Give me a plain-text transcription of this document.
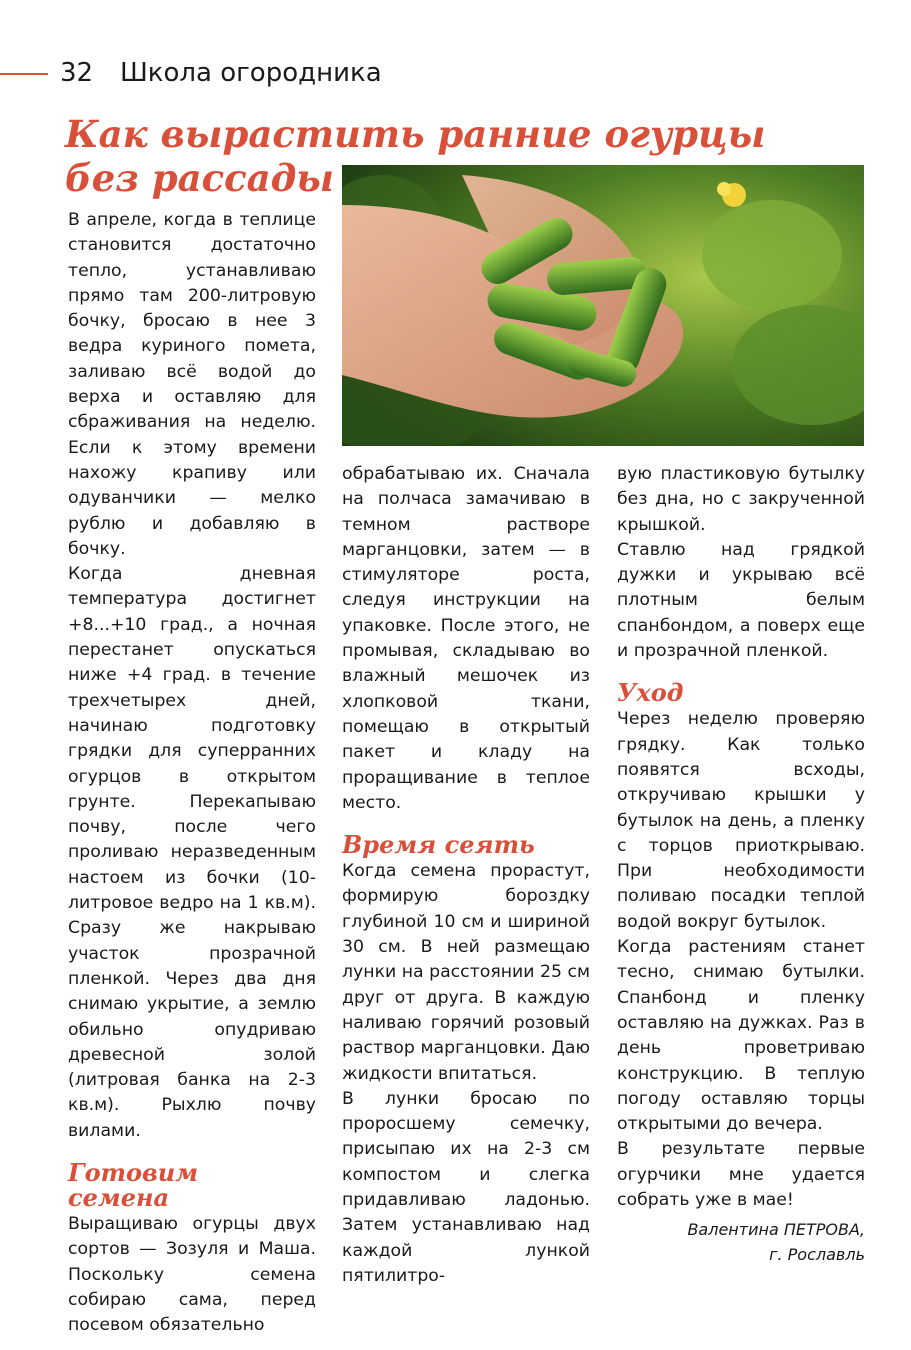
32 Школа огородника
Как вырастить ранние огурцы
без рассады

В апреле, когда в теплице становится достаточно тепло, устанавливаю прямо там 200-литровую бочку, бросаю в нее 3 ведра куриного помета, заливаю всё водой до верха и оставляю для сбраживания на неделю. Если к этому времени нахожу крапиву или одуванчики — мелко рублю и добавляю в бочку.

Когда дневная температура достигнет +8...+10 град., а ночная перестанет опускаться ниже +4 град. в течение трехчетырех дней, начинаю подготовку грядки для суперранних огурцов в открытом грунте. Перекапываю почву, после чего проливаю неразведенным настоем из бочки (10-литровое ведро на 1 кв.м). Сразу же накрываю участок прозрачной пленкой. Через два дня снимаю укрытие, а землю обильно опудриваю древесной золой (литровая банка на 2-3 кв.м). Рыхлю почву вилами.

Готовим семена

Выращиваю огурцы двух сортов — Зозуля и Маша. Поскольку семена собираю сама, перед посевом обязательно

обрабатываю их. Сначала на полчаса замачиваю в темном растворе марганцовки, затем — в стимуляторе роста, следуя инструкции на упаковке. После этого, не промывая, складываю во влажный мешочек из хлопковой ткани, помещаю в открытый пакет и кладу на проращивание в теплое место.

Время сеять

Когда семена прорастут, формирую бороздку глубиной 10 см и шириной 30 см. В ней размещаю лунки на расстоянии 25 см друг от друга. В каждую наливаю горячий розовый раствор марганцовки. Даю жидкости впитаться.

В лунки бросаю по проросшему семечку, присыпаю их на 2-3 см компостом и слегка придавливаю ладонью. Затем устанавливаю над каждой лункой пятилитро-

вую пластиковую бутылку без дна, но с закрученной крышкой.

Ставлю над грядкой дужки и укрываю всё плотным белым спанбондом, а поверх еще и прозрачной пленкой.

Уход

Через неделю проверяю грядку. Как только появятся всходы, откручиваю крышки у бутылок на день, а пленку с торцов приоткрываю. При необходимости поливаю посадки теплой водой вокруг бутылок.

Когда растениям станет тесно, снимаю бутылки. Спанбонд и пленку оставляю на дужках. Раз в день проветриваю конструкцию. В теплую погоду оставляю торцы открытыми до вечера.

В результате первые огурчики мне удается собрать уже в мае!

Валентина ПЕТРОВА,
г. Рославль
